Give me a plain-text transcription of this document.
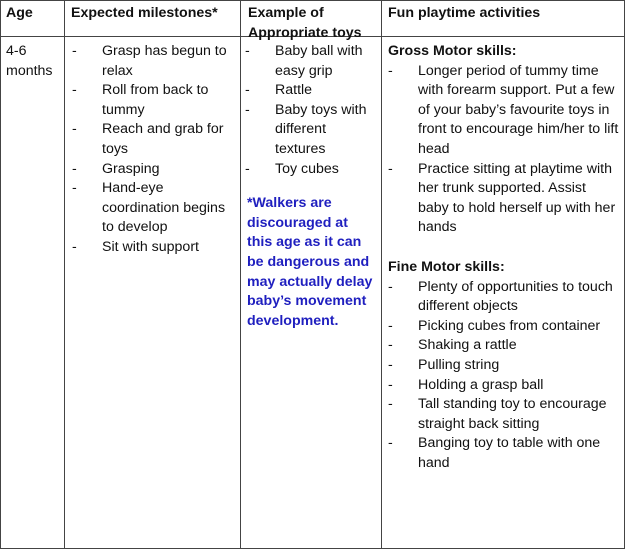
Age	Expected milestones*	Example of Appropriate toys
Fun playtime activities
4-6 months
- Grasp has begun to relax
- Roll from back to tummy
- Reach and grab for toys
- Grasping
- Hand-eye coordination begins to develop
- Sit with support
- Baby ball with easy grip
- Rattle
- Baby toys with different textures
- Toy cubes
*Walkers are discouraged at this age as it can be dangerous and may actually delay baby’s movement development.
Gross Motor skills:
- Longer period of tummy time with forearm support. Put a few of your baby’s favourite toys in front to encourage him/her to lift head
- Practice sitting at playtime with her trunk supported. Assist baby to hold herself up with her hands
Fine Motor skills:
- Plenty of opportunities to touch different objects
- Picking cubes from container
- Shaking a rattle
- Pulling string
- Holding a grasp ball
- Tall standing toy to encourage straight back sitting
- Banging toy to table with one hand
